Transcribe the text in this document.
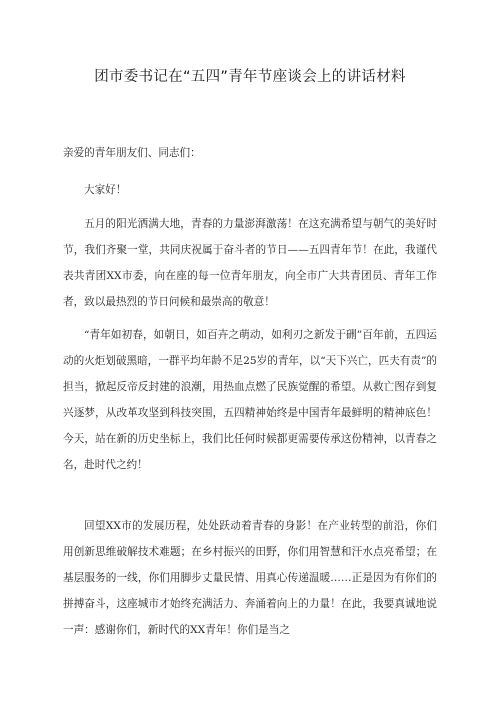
团市委书记在“五四”青年节座谈会上的讲话材料
亲爱的青年朋友们、同志们：
大家好！

五月的阳光洒满大地，青春的力量澎湃激荡！在这充满希望与朝气的美好时节，我们齐聚一堂，共同庆祝属于奋斗者的节日——五四青年节！在此，我谨代表共青团XX市委，向在座的每一位青年朋友，向全市广大共青团员、青年工作者，致以最热烈的节日问候和最崇高的敬意！

“青年如初春，如朝日，如百卉之萌动，如利刃之新发于硎”百年前，五四运动的火炬划破黑暗，一群平均年龄不足25岁的青年，以“天下兴亡，匹夫有责”的担当，掀起反帝反封建的浪潮，用热血点燃了民族觉醒的希望。从救亡图存到复兴逐梦，从改革攻坚到科技突围，五四精神始终是中国青年最鲜明的精神底色！今天，站在新的历史坐标上，我们比任何时候都更需要传承这份精神，以青春之名，赴时代之约！

回望XX市的发展历程，处处跃动着青春的身影！在产业转型的前沿，你们用创新思维破解技术难题；在乡村振兴的田野，你们用智慧和汗水点亮希望；在基层服务的一线，你们用脚步丈量民情、用真心传递温暖……正是因为有你们的拼搏奋斗，这座城市才始终充满活力、奔涌着向上的力量！在此，我要真诚地说一声：感谢你们，新时代的XX青年！你们是当之
